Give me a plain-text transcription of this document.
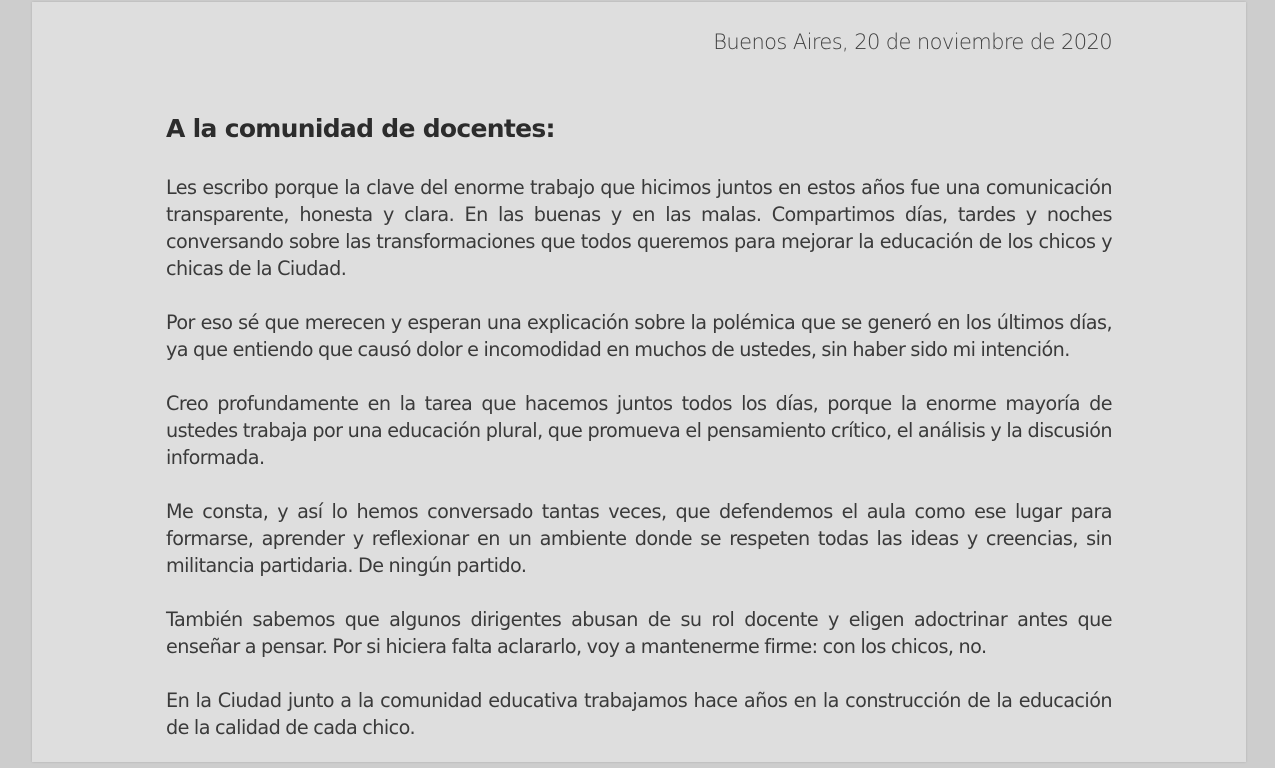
Buenos Aires, 20 de noviembre de 2020
A la comunidad de docentes:

Les escribo porque la clave del enorme trabajo que hicimos juntos en estos años fue una comunicación transparente, honesta y clara. En las buenas y en las malas. Compartimos días, tardes y noches conversando sobre las transformaciones que todos queremos para mejorar la educación de los chicos y chicas de la Ciudad.

Por eso sé que merecen y esperan una explicación sobre la polémica que se generó en los últimos días, ya que entiendo que causó dolor e incomodidad en muchos de ustedes, sin haber sido mi intención.

Creo profundamente en la tarea que hacemos juntos todos los días, porque la enorme mayoría de ustedes trabaja por una educación plural, que promueva el pensamiento crítico, el análisis y la discusión informada.

Me consta, y así lo hemos conversado tantas veces, que defendemos el aula como ese lugar para formarse, aprender y reflexionar en un ambiente donde se respeten todas las ideas y creencias, sin militancia partidaria. De ningún partido.

También sabemos que algunos dirigentes abusan de su rol docente y eligen adoctrinar antes que enseñar a pensar. Por si hiciera falta aclararlo, voy a mantenerme firme: con los chicos, no.

En la Ciudad junto a la comunidad educativa trabajamos hace años en la construcción de la educación de la calidad de cada chico.
